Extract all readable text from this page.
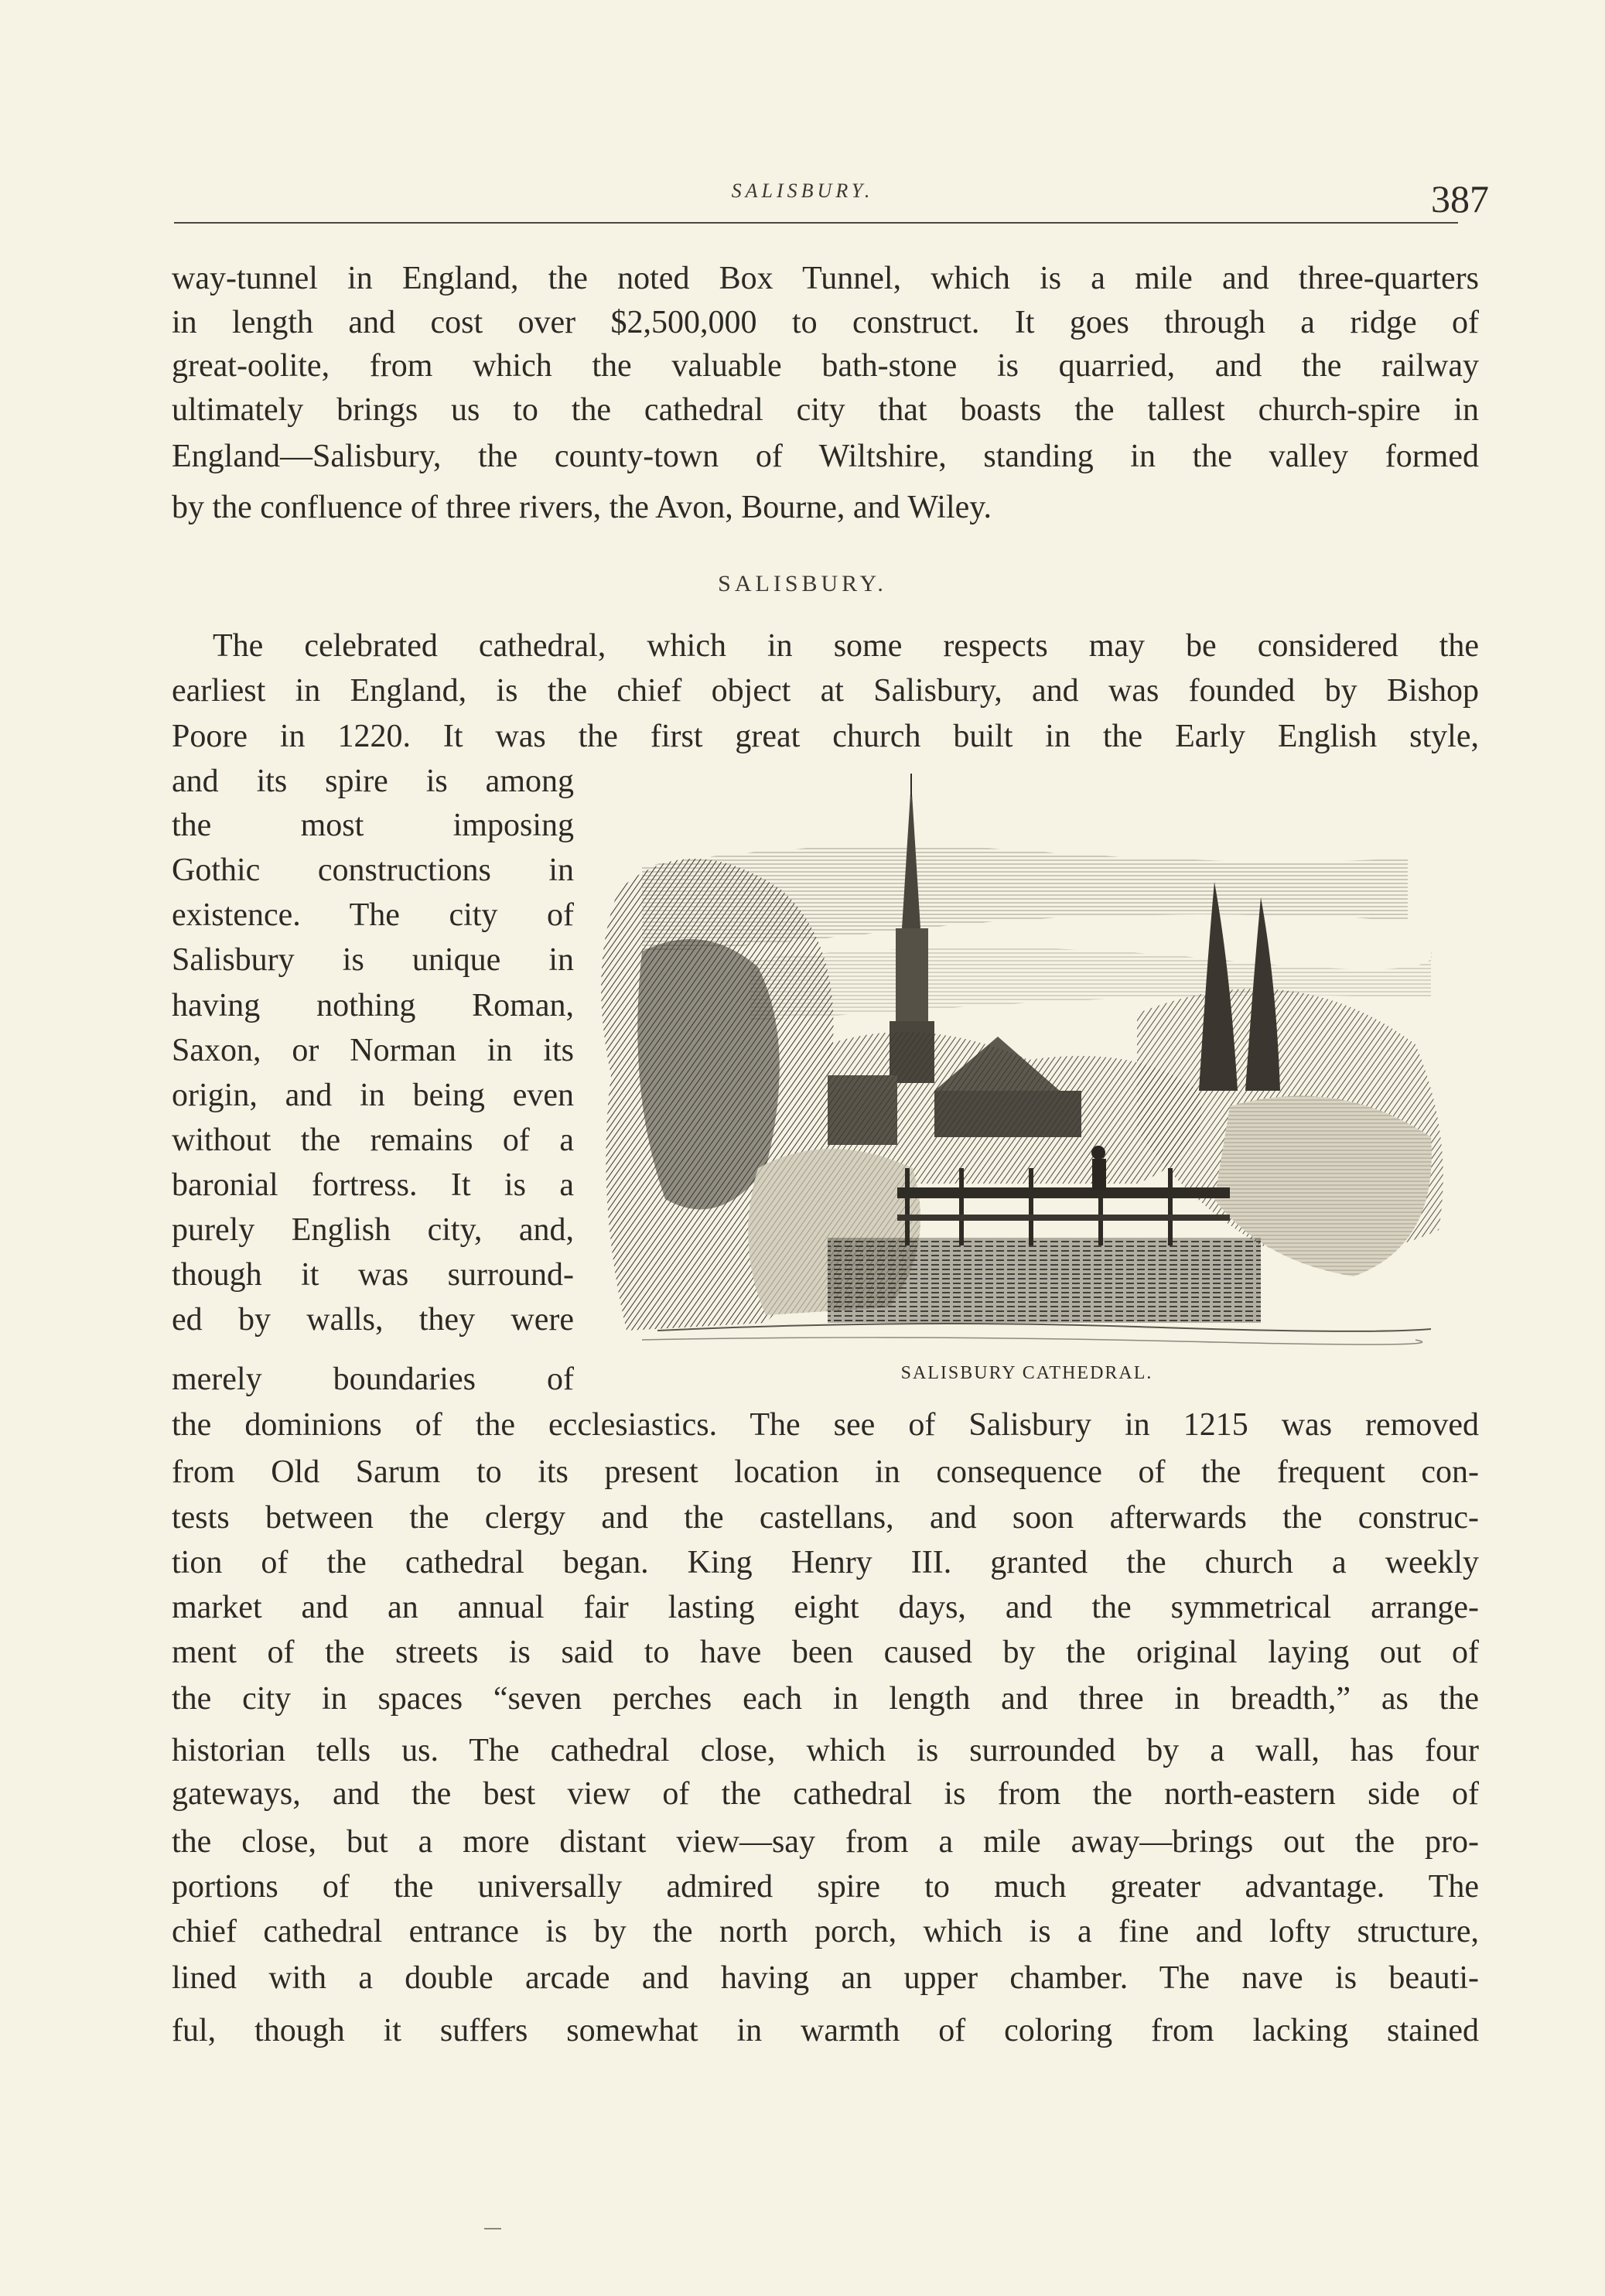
SALISBURY.	387
way-tunnel in England, the noted Box Tunnel, which is a mile and three-quarters
in length and cost over $2,500,000 to construct. It goes through a ridge of
great-oolite, from which the valuable bath-stone is quarried, and the railway
ultimately brings us to the cathedral city that boasts the tallest church-spire in
England—Salisbury, the county-town of Wiltshire, standing in the valley formed
by the confluence of three rivers, the Avon, Bourne, and Wiley.
SALISBURY.
The celebrated cathedral, which in some respects may be considered the
earliest in England, is the chief object at Salisbury, and was founded by Bishop
Poore in 1220. It was the first great church built in the Early English style,
and its spire is among
the most imposing
Gothic constructions in
existence. The city of
Salisbury is unique in
having nothing Roman,
Saxon, or Norman in its
origin, and in being even
without the remains of a
baronial fortress. It is a
purely English city, and,
though it was surround-
ed by walls, they were
merely boundaries of	SALISBURY CATHEDRAL.
the dominions of the ecclesiastics. The see of Salisbury in 1215 was removed
from Old Sarum to its present location in consequence of the frequent con-
tests between the clergy and the castellans, and soon afterwards the construc-
tion of the cathedral began. King Henry III. granted the church a weekly
market and an annual fair lasting eight days, and the symmetrical arrange-
ment of the streets is said to have been caused by the original laying out of
the city in spaces “seven perches each in length and three in breadth,” as the
historian tells us. The cathedral close, which is surrounded by a wall, has four
gateways, and the best view of the cathedral is from the north-eastern side of
the close, but a more distant view—say from a mile away—brings out the pro-
portions of the universally admired spire to much greater advantage. The
chief cathedral entrance is by the north porch, which is a fine and lofty structure,
lined with a double arcade and having an upper chamber. The nave is beauti-
ful, though it suffers somewhat in warmth of coloring from lacking stained
